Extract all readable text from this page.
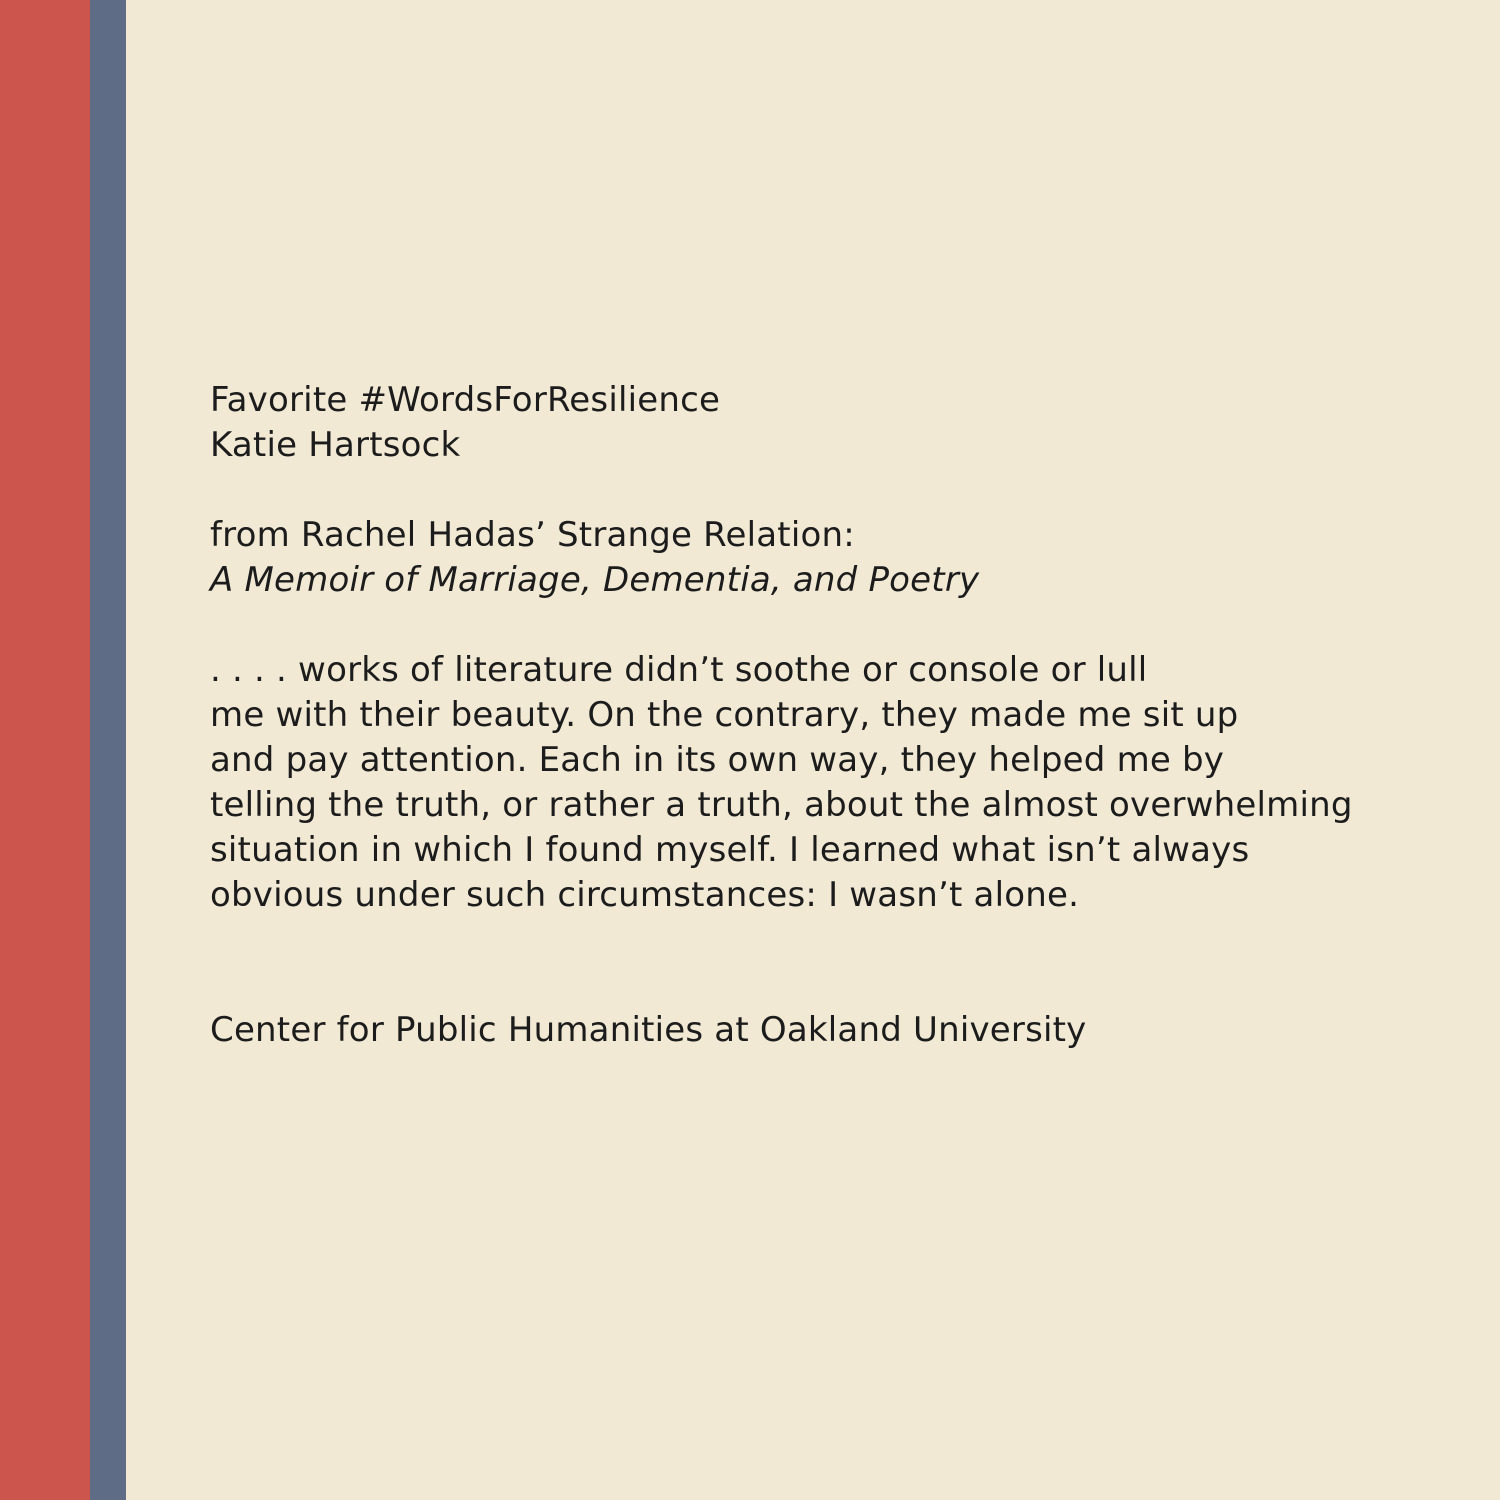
Favorite #WordsForResilience
Katie Hartsock
from Rachel Hadas’ Strange Relation:
A Memoir of Marriage, Dementia, and Poetry
. . . . works of literature didn’t soothe or console or lull
me with their beauty. On the contrary, they made me sit up
and pay attention. Each in its own way, they helped me by
telling the truth, or rather a truth, about the almost overwhelming
situation in which I found myself. I learned what isn’t always
obvious under such circumstances: I wasn’t alone.
Center for Public Humanities at Oakland University
